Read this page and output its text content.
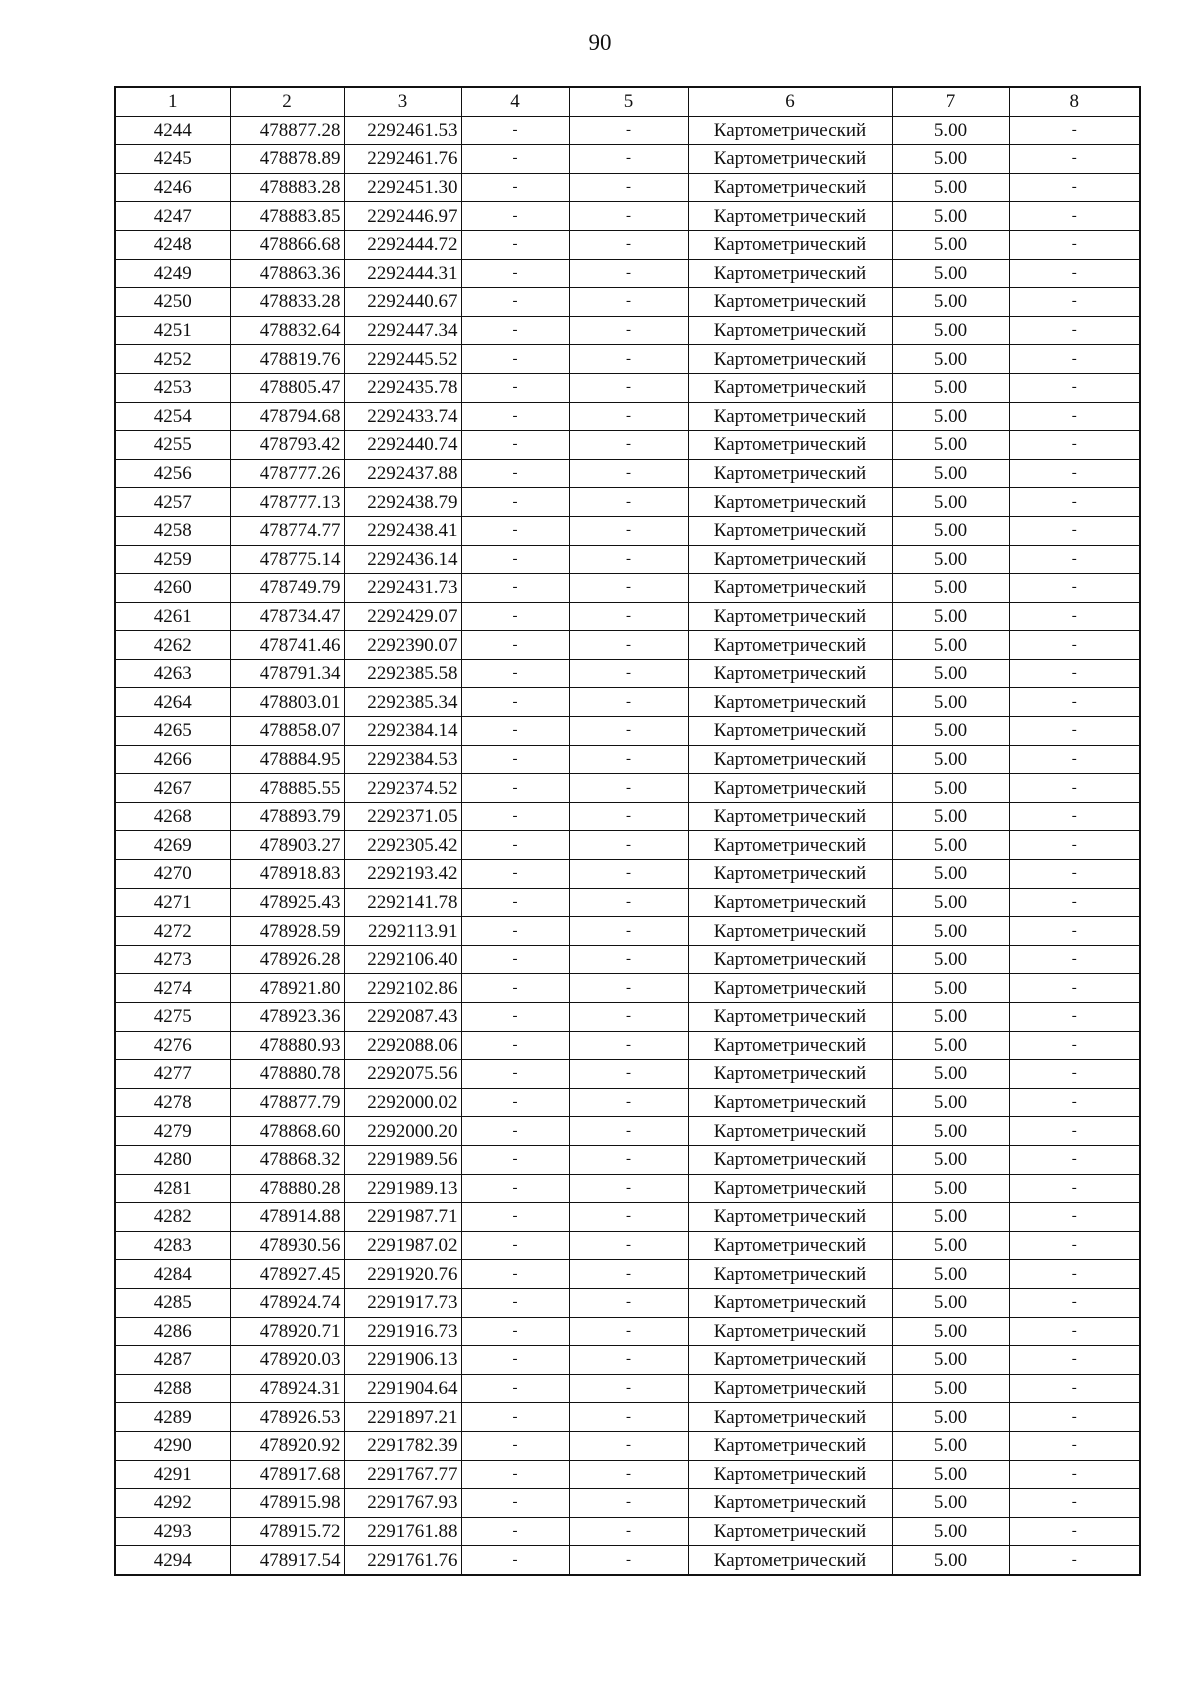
90
1	2	3	4	5	6	7	8
4244	478877.28	2292461.53	-	-	Картометрический	5.00	-
4245	478878.89	2292461.76	-	-	Картометрический	5.00	-
4246	478883.28	2292451.30	-	-	Картометрический	5.00	-
4247	478883.85	2292446.97	-	-	Картометрический	5.00	-
4248	478866.68	2292444.72	-	-	Картометрический	5.00	-
4249	478863.36	2292444.31	-	-	Картометрический	5.00	-
4250	478833.28	2292440.67	-	-	Картометрический	5.00	-
4251	478832.64	2292447.34	-	-	Картометрический	5.00	-
4252	478819.76	2292445.52	-	-	Картометрический	5.00	-
4253	478805.47	2292435.78	-	-	Картометрический	5.00	-
4254	478794.68	2292433.74	-	-	Картометрический	5.00	-
4255	478793.42	2292440.74	-	-	Картометрический	5.00	-
4256	478777.26	2292437.88	-	-	Картометрический	5.00	-
4257	478777.13	2292438.79	-	-	Картометрический	5.00	-
4258	478774.77	2292438.41	-	-	Картометрический	5.00	-
4259	478775.14	2292436.14	-	-	Картометрический	5.00	-
4260	478749.79	2292431.73	-	-	Картометрический	5.00	-
4261	478734.47	2292429.07	-	-	Картометрический	5.00	-
4262	478741.46	2292390.07	-	-	Картометрический	5.00	-
4263	478791.34	2292385.58	-	-	Картометрический	5.00	-
4264	478803.01	2292385.34	-	-	Картометрический	5.00	-
4265	478858.07	2292384.14	-	-	Картометрический	5.00	-
4266	478884.95	2292384.53	-	-	Картометрический	5.00	-
4267	478885.55	2292374.52	-	-	Картометрический	5.00	-
4268	478893.79	2292371.05	-	-	Картометрический	5.00	-
4269	478903.27	2292305.42	-	-	Картометрический	5.00	-
4270	478918.83	2292193.42	-	-	Картометрический	5.00	-
4271	478925.43	2292141.78	-	-	Картометрический	5.00	-
4272	478928.59	2292113.91	-	-	Картометрический	5.00	-
4273	478926.28	2292106.40	-	-	Картометрический	5.00	-
4274	478921.80	2292102.86	-	-	Картометрический	5.00	-
4275	478923.36	2292087.43	-	-	Картометрический	5.00	-
4276	478880.93	2292088.06	-	-	Картометрический	5.00	-
4277	478880.78	2292075.56	-	-	Картометрический	5.00	-
4278	478877.79	2292000.02	-	-	Картометрический	5.00	-
4279	478868.60	2292000.20	-	-	Картометрический	5.00	-
4280	478868.32	2291989.56	-	-	Картометрический	5.00	-
4281	478880.28	2291989.13	-	-	Картометрический	5.00	-
4282	478914.88	2291987.71	-	-	Картометрический	5.00	-
4283	478930.56	2291987.02	-	-	Картометрический	5.00	-
4284	478927.45	2291920.76	-	-	Картометрический	5.00	-
4285	478924.74	2291917.73	-	-	Картометрический	5.00	-
4286	478920.71	2291916.73	-	-	Картометрический	5.00	-
4287	478920.03	2291906.13	-	-	Картометрический	5.00	-
4288	478924.31	2291904.64	-	-	Картометрический	5.00	-
4289	478926.53	2291897.21	-	-	Картометрический	5.00	-
4290	478920.92	2291782.39	-	-	Картометрический	5.00	-
4291	478917.68	2291767.77	-	-	Картометрический	5.00	-
4292	478915.98	2291767.93	-	-	Картометрический	5.00	-
4293	478915.72	2291761.88	-	-	Картометрический	5.00	-
4294	478917.54	2291761.76	-	-	Картометрический	5.00	-
